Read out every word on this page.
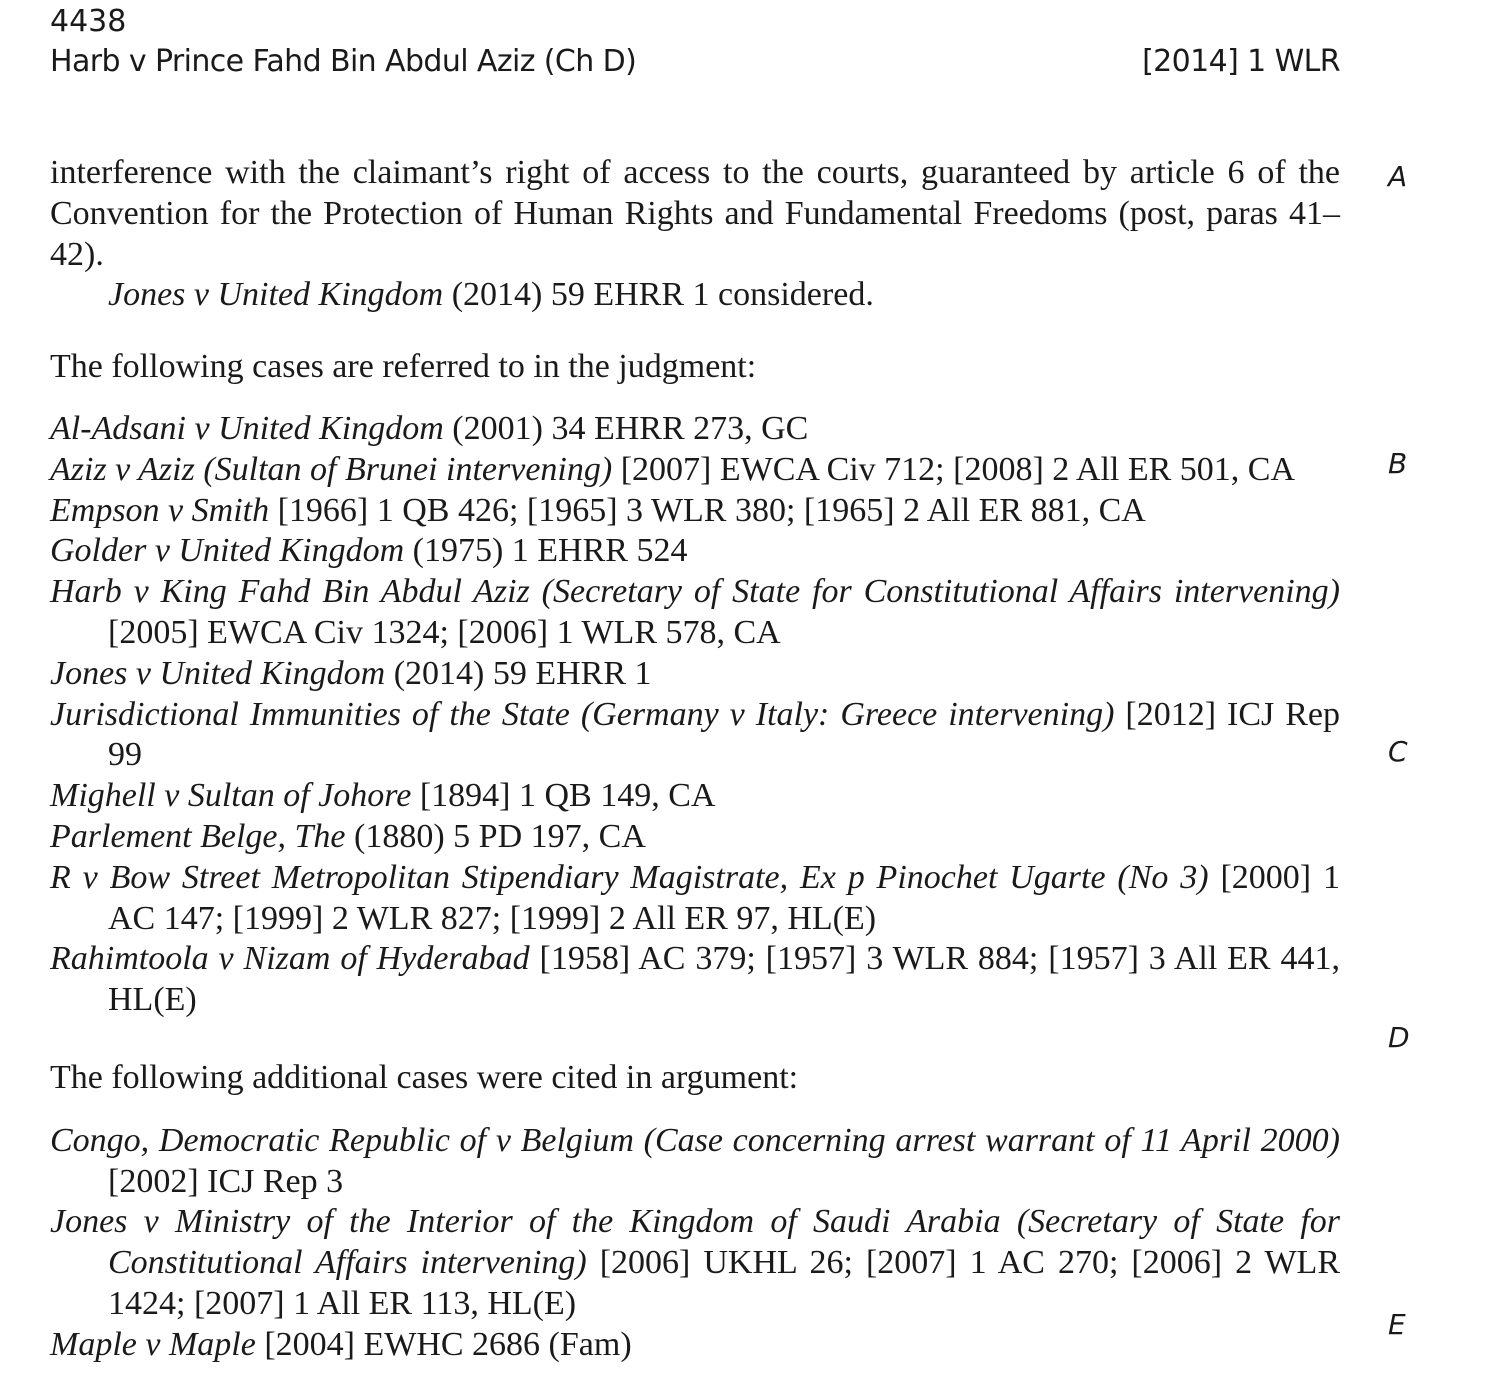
4438
Harb v Prince Fahd Bin Abdul Aziz (Ch D)	[2014] 1 WLR

interference with the claimant’s right of access to the courts, guaranteed by article 6 of the Convention for the Protection of Human Rights and Fundamental Freedoms (post, paras 41–42).

Jones v United Kingdom (2014) 59 EHRR 1 considered.

The following cases are referred to in the judgment:

Al-Adsani v United Kingdom (2001) 34 EHRR 273, GC

Aziz v Aziz (Sultan of Brunei intervening) [2007] EWCA Civ 712; [2008] 2 All ER 501, CA

Empson v Smith [1966] 1 QB 426; [1965] 3 WLR 380; [1965] 2 All ER 881, CA

Golder v United Kingdom (1975) 1 EHRR 524

Harb v King Fahd Bin Abdul Aziz (Secretary of State for Constitutional Affairs intervening) [2005] EWCA Civ 1324; [2006] 1 WLR 578, CA

Jones v United Kingdom (2014) 59 EHRR 1

Jurisdictional Immunities of the State (Germany v Italy: Greece intervening) [2012] ICJ Rep 99

Mighell v Sultan of Johore [1894] 1 QB 149, CA

Parlement Belge, The (1880) 5 PD 197, CA

R v Bow Street Metropolitan Stipendiary Magistrate, Ex p Pinochet Ugarte (No 3) [2000] 1 AC 147; [1999] 2 WLR 827; [1999] 2 All ER 97, HL(E)

Rahimtoola v Nizam of Hyderabad [1958] AC 379; [1957] 3 WLR 884; [1957] 3 All ER 441, HL(E)

The following additional cases were cited in argument:

Congo, Democratic Republic of v Belgium (Case concerning arrest warrant of 11 April 2000) [2002] ICJ Rep 3

Jones v Ministry of the Interior of the Kingdom of Saudi Arabia (Secretary of State for Constitutional Affairs intervening) [2006] UKHL 26; [2007] 1 AC 270; [2006] 2 WLR 1424; [2007] 1 All ER 113, HL(E)

Maple v Maple [2004] EWHC 2686 (Fam)

A
B
C
D
E
